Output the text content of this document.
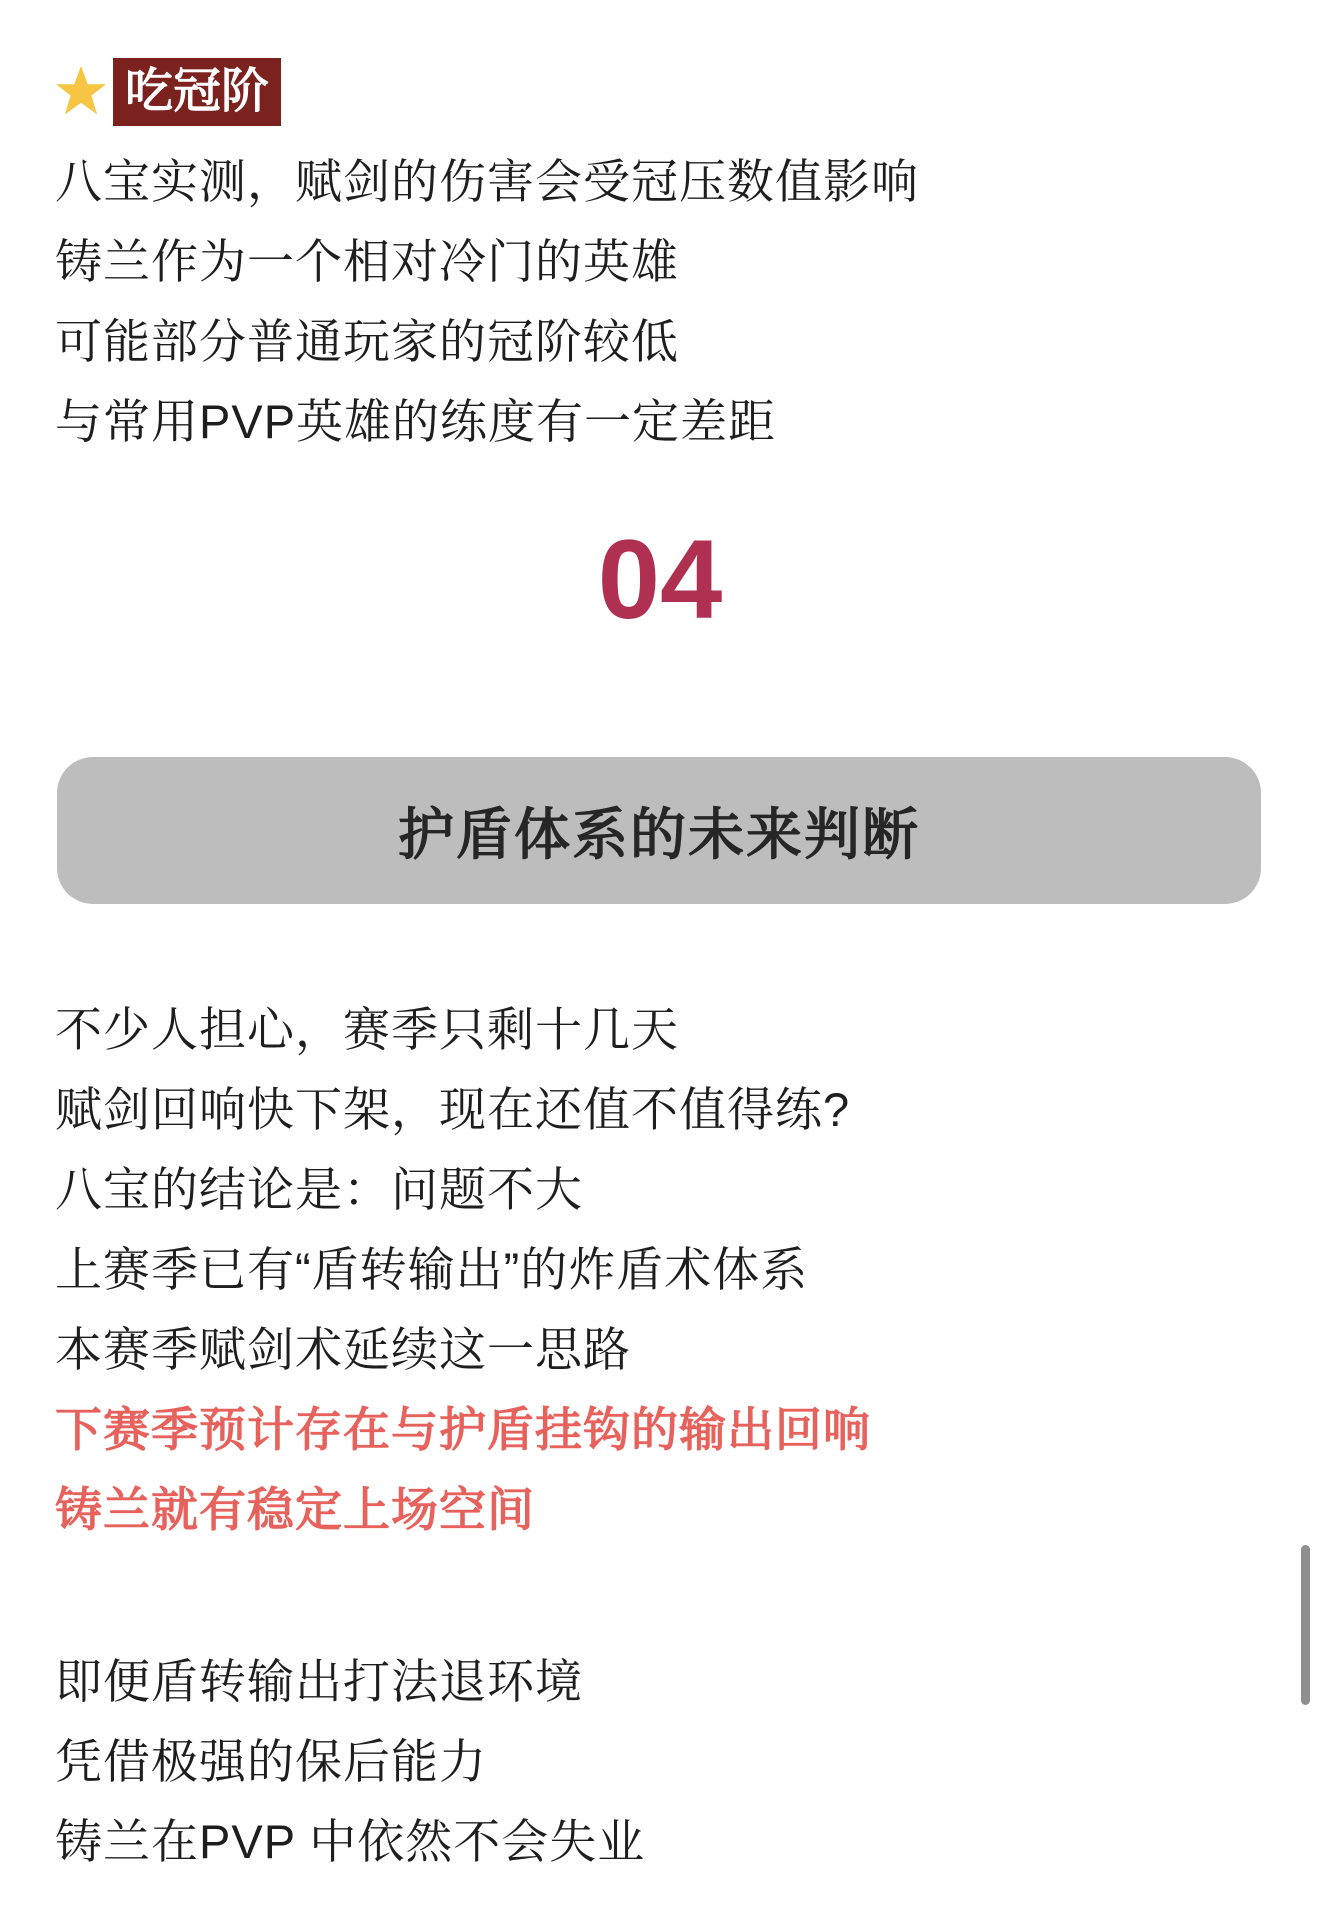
吃冠阶
八宝实测，赋剑的伤害会受冠压数值影响
铸兰作为一个相对冷门的英雄
可能部分普通玩家的冠阶较低
与常用PVP英雄的练度有一定差距
04
护盾体系的未来判断
不少人担心，赛季只剩十几天
赋剑回响快下架，现在还值不值得练?
八宝的结论是：问题不大
上赛季已有“盾转输出”的炸盾术体系
本赛季赋剑术延续这一思路
下赛季预计存在与护盾挂钩的输出回响
铸兰就有稳定上场空间
即便盾转输出打法退环境
凭借极强的保后能力
铸兰在PVP 中依然不会失业
